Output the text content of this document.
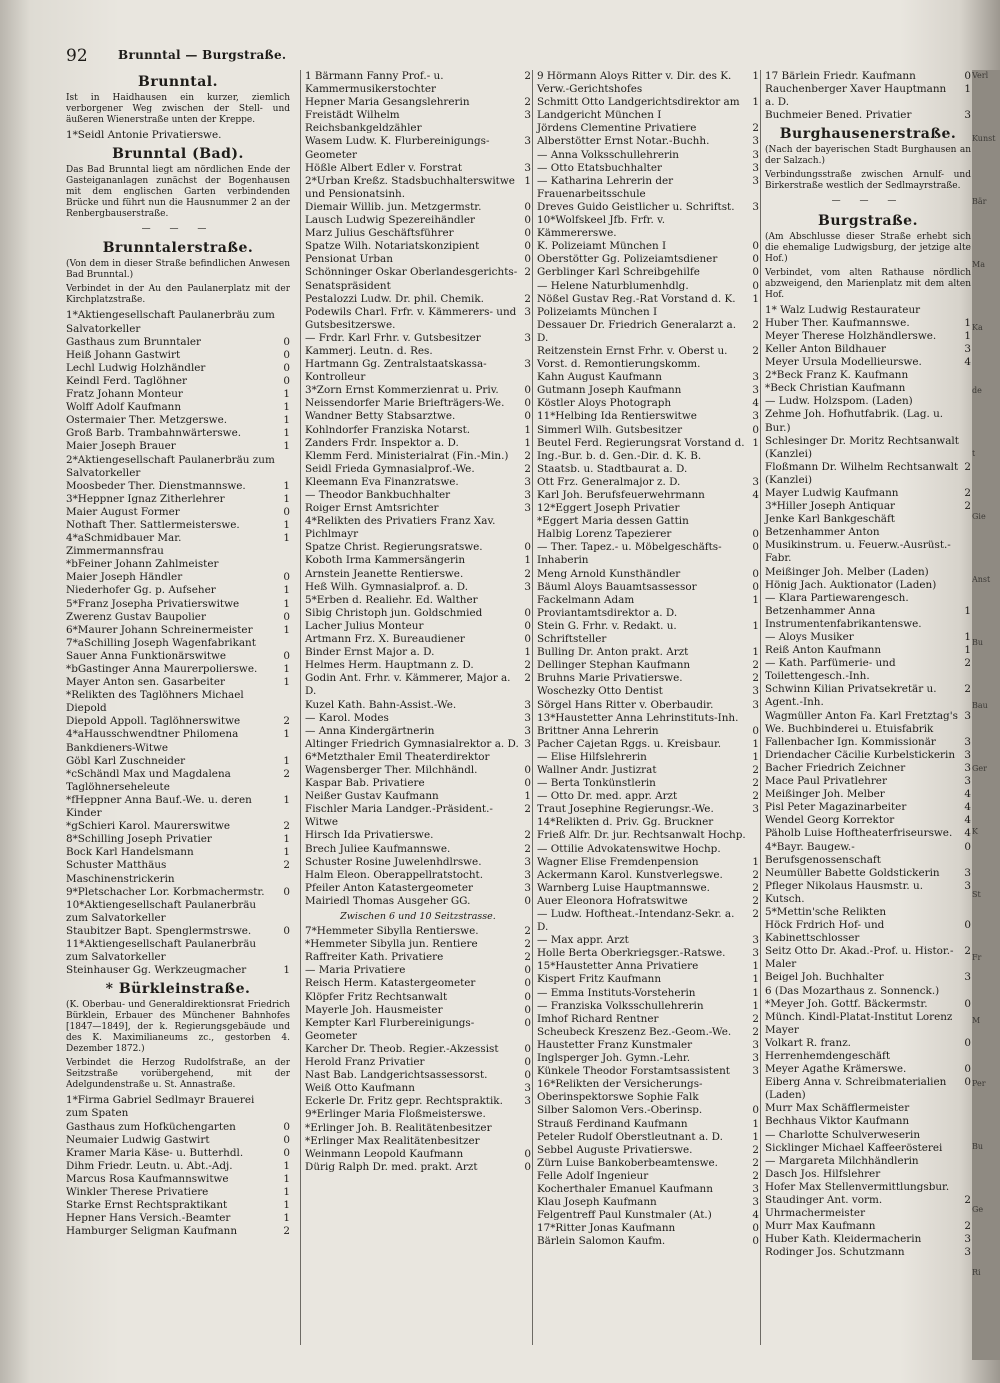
92	Brunntal — Burgstraße.
Brunntal.
Ist in Haidhausen ein kurzer, ziemlich verborgener Weg zwischen der Stell- und äußeren Wienerstraße unten der Kreppe.
1*Seidl Antonie Privatierswe.
Brunntal (Bad).
Das Bad Brunntal liegt am nördlichen Ende der Gasteigananlagen zunächst der Bogenhausen mit dem englischen Garten verbindenden Brücke und führt nun die Hausnummer 2 an der Renbergbauserstraße.
— — —
Brunntalerstraße.
(Von dem in dieser Straße befindlichen Anwesen Bad Brunntal.)
Verbindet in der Au den Paulanerplatz mit der Kirchplatzstraße.
1*Aktiengesellschaft Paulanerbräu zum Salvatorkeller
Gasthaus zum Brunntaler	0
Heiß Johann Gastwirt	0
Lechl Ludwig Holzhändler	0
Keindl Ferd. Taglöhner	0
Fratz Johann Monteur	1
Wolff Adolf Kaufmann	1
Ostermaier Ther. Metzgerswe.	1
Groß Barb. Trambahnwärterswe.	1
Maier Joseph Brauer	1
2*Aktiengesellschaft Paulanerbräu zum Salvatorkeller
Moosbeder Ther. Dienstmannswe.	1
3*Heppner Ignaz Zitherlehrer	1
Maier August Former	0
Nothaft Ther. Sattlermeisterswe.	1
4*aSchmidbauer Mar. Zimmermannsfrau
1
*bFeiner Johann Zahlmeister
Maier Joseph Händler	0
Niederhofer Gg. p. Aufseher	1
5*Franz Josepha Privatierswitwe	1
Zwerenz Gustav Baupolier	0
6*Maurer Johann Schreinermeister	1
7*aSchilling Joseph Wagenfabrikant
Sauer Anna Funktionärswitwe	0
*bGastinger Anna Maurerpolierswe.	1
Mayer Anton sen. Gasarbeiter	1
*Relikten des Taglöhners Michael Diepold
Diepold Appoll. Taglöhnerswitwe	2
4*aHausschwendtner Philomena Bankdieners-Witwe
1
Göbl Karl Zuschneider	1
*cSchändl Max und Magdalena Taglöhnerseheleute
2
*fHeppner Anna Bauf.-We. u. deren Kinder
1
*gSchieri Karol. Maurerswitwe	2
8*Schilling Joseph Privatier	1
Bock Karl Handelsmann	1
Schuster Matthäus Maschinenstrickerin
2
9*Pletschacher Lor. Korbmachermstr. 0
10*Aktiengesellschaft Paulanerbräu zum Salvatorkeller
Staubitzer Bapt. Spenglermstrswe.	0
11*Aktiengesellschaft Paulanerbräu zum Salvatorkeller
Steinhauser Gg. Werkzeugmacher	1
* Bürkleinstraße.
(K. Oberbau- und Generaldirektionsrat Friedrich Bürklein, Erbauer des Münchener Bahnhofes [1847—1849], der k. Regierungsgebäude und des K. Maximilianeums zc., gestorben 4. Dezember 1872.)
Verbindet die Herzog Rudolfstraße, an der Seitzstraße vorübergehend, mit der Adelgundenstraße u. St. Annastraße.
1*Firma Gabriel Sedlmayr Brauerei zum Spaten
Gasthaus zum Hofküchengarten	0
Neumaier Ludwig Gastwirt	0
Kramer Maria Käse- u. Butterhdl.	0
Dihm Friedr. Leutn. u. Abt.-Adj.	1
Marcus Rosa Kaufmannswitwe	1
Winkler Therese Privatiere	1
Starke Ernst Rechtspraktikant	1
Hepner Hans Versich.-Beamter	1
Hamburger Seligman Kaufmann	2
1 Bärmann Fanny Prof.- u. Kammermusikerstochter
2
Hepner Maria Gesangslehrerin	2
Freistädt Wilhelm Reichsbankgeldzähler
3
Wasem Ludw. K. Flurbereinigungs-Geometer
3
Hößle Albert Edler v. Forstrat	3
2*Urban Kreßz. Stadsbuchhalterswitwe und Pensionatsinh.
1
Diemair Willib. jun. Metzgermstr.	0
Lausch Ludwig Spezereihändler	0
Marz Julius Geschäftsführer	0
Spatze Wilh. Notariatskonzipient	0
Pensionat Urban	0
Schönninger Oskar Oberlandesgerichts-Senatspräsident
2
Pestalozzi Ludw. Dr. phil. Chemik.	2
Podewils Charl. Frfr. v. Kämmerers- und Gutsbesitzerswe.
3
— Frdr. Karl Frhr. v. Gutsbesitzer Kammerj. Leutn. d. Res.
3
Hartmann Gg. Zentralstaatskassa-Kontrolleur
3
3*Zorn Ernst Kommerzienrat u. Priv. 0
Neissendorfer Marie Briefträgers-We. 0
Wandner Betty Stabsarztwe.	0
Kohlndorfer Franziska Notarst.	1
Zanders Frdr. Inspektor a. D.	1
Klemm Ferd. Ministerialrat (Fin.-Min.) 2
Seidl Frieda Gymnasialprof.-We.	2
Kleemann Eva Finanzratswe.	3
— Theodor Bankbuchhalter	3
Roiger Ernst Amtsrichter	3
4*Relikten des Privatiers Franz Xav. Pichlmayr
Spatze Christ. Regierungsratswe.	0
Koboth Irma Kammersängerin	1
Arnstein Jeanette Rentierswe.	2
Heß Wilh. Gymnasialprof. a. D.	3
5*Erben d. Realiehr. Ed. Walther
Sibig Christoph jun. Goldschmied	0
Lacher Julius Monteur	0
Artmann Frz. X. Bureaudiener	0
Binder Ernst Major a. D.	1
Helmes Herm. Hauptmann z. D.	2
Godin Ant. Frhr. v. Kämmerer, Major a. D.
2
Kuzel Kath. Bahn-Assist.-We.	3
— Karol. Modes	3
— Anna Kindergärtnerin	3
Altinger Friedrich Gymnasialrektor a. D. 3
6*Metzthaler Emil Theaterdirektor
Wagensberger Ther. Milchhändl.	0
Kaspar Bab. Privatiere	0
Neißer Gustav Kaufmann	1
Fischler Maria Landger.-Präsident.-Witwe
2
Hirsch Ida Privatierswe.	2
Brech Juliee Kaufmannswe.	2
Schuster Rosine Juwelenhdlrswe.	3
Halm Eleon. Oberappellratstocht.	3
Pfeiler Anton Katastergeometer	3
Mairiedl Thomas Ausgeher GG.	0
Zwischen 6 und 10 Seitzstrasse.
7*Hemmeter Sibylla Rentierswe.	2
*Hemmeter Sibylla jun. Rentiere	2
Raffreiter Kath. Privatiere	2
— Maria Privatiere	0
Reisch Herm. Katastergeometer	0
Klöpfer Fritz Rechtsanwalt	0
Mayerle Joh. Hausmeister	0
Kempter Karl Flurbereinigungs-Geometer
0
Karcher Dr. Theob. Regier.-Akzessist 0
Herold Franz Privatier	0
Nast Bab. Landgerichtsassessorst.	0
Weiß Otto Kaufmann	3
Eckerle Dr. Fritz gepr. Rechtspraktik. 3
9*Erlinger Maria Floßmeisterswe.
*Erlinger Joh. B. Realitätenbesitzer
*Erlinger Max Realitätenbesitzer
Weinmann Leopold Kaufmann	0
Dürig Ralph Dr. med. prakt. Arzt	0
9 Hörmann Aloys Ritter v. Dir. des K. Verw.-Gerichtshofes
1
Schmitt Otto Landgerichtsdirektor am Landgericht München I
1
Jördens Clementine Privatiere	2
Alberstötter Ernst Notar.-Buchh.	3
— Anna Volksschullehrerin	3
— Otto Etatsbuchhalter	3
— Katharina Lehrerin der Frauenarbeitsschule
3
Dreves Guido Geistlicher u. Schriftst. 3
10*Wolfskeel Jfb. Frfr. v. Kämmererswe.
K. Polizeiamt München I	0
Oberstötter Gg. Polizeiamtsdiener	0
Gerblinger Karl Schreibgehilfe	0
— Helene Naturblumenhdlg.	0
Nößel Gustav Reg.-Rat Vorstand d. K. Polizeiamts München I
1
Dessauer Dr. Friedrich Generalarzt a. D.
2
Reitzenstein Ernst Frhr. v. Oberst u. Vorst. d. Remontierungskomm.
2
Kahn August Kaufmann	3
Gutmann Joseph Kaufmann	3
Köstler Aloys Photograph	4
11*Helbing Ida Rentierswitwe	3
Simmerl Wilh. Gutsbesitzer	0
Beutel Ferd. Regierungsrat Vorstand d. Ing.-Bur. b. d. Gen.-Dir. d. K. B. Staatsb. u. Stadtbaurat a. D.
1
Ott Frz. Generalmajor z. D.	3
Karl Joh. Berufsfeuerwehrmann	4
12*Eggert Joseph Privatier
*Eggert Maria dessen Gattin
Halbig Lorenz Tapezierer	0
— Ther. Tapez.- u. Möbelgeschäfts-Inhaberin
0
Meng Arnold Kunsthändler	0
Bäuml Aloys Bauamtsassessor	0
Fackelmann Adam Proviantamtsdirektor a. D.
1
Stein G. Frhr. v. Redakt. u. Schriftsteller
1
Bulling Dr. Anton prakt. Arzt	1
Dellinger Stephan Kaufmann	2
Bruhns Marie Privatierswe.	2
Woschezky Otto Dentist	3
Sörgel Hans Ritter v. Oberbaudir.	3
13*Haustetter Anna Lehrinstituts-Inh.
Brittner Anna Lehrerin	0
Pacher Cajetan Rggs. u. Kreisbaur.	1
— Elise Hilfslehrerin	1
Wallner Andr. Justizrat	2
— Berta Tonkünstlerin	2
— Otto Dr. med. appr. Arzt	2
Traut Josephine Regierungsr.-We.	3
14*Relikten d. Priv. Gg. Bruckner
Frieß Alfr. Dr. jur. Rechtsanwalt Hochp.
— Ottilie Advokatenswitwe Hochp.
Wagner Elise Fremdenpension	1
Ackermann Karol. Kunstverlegswe.	2
Warnberg Luise Hauptmannswe.	2
Auer Eleonora Hofratswitwe	2
— Ludw. Hoftheat.-Intendanz-Sekr. a. D.
2
— Max appr. Arzt	3
Holle Berta Oberkriegsger.-Ratswe.	3
15*Haustetter Anna Privatiere	1
Kispert Fritz Kaufmann	1
— Emma Instituts-Vorsteherin	1
— Franziska Volksschullehrerin	1
Imhof Richard Rentner	2
Scheubeck Kreszenz Bez.-Geom.-We. 2
Haustetter Franz Kunstmaler	3
Inglsperger Joh. Gymn.-Lehr.	3
Künkele Theodor Forstamtsassistent 3
16*Relikten der Versicherungs-Oberinspektorswe Sophie Falk
Silber Salomon Vers.-Oberinsp.	0
Strauß Ferdinand Kaufmann	1
Peteler Rudolf Oberstleutnant a. D.	1
Sebbel Auguste Privatierswe.	2
Zürn Luise Bankoberbeamtenswe.	2
Felle Adolf Ingenieur	2
Kocherthaler Emanuel Kaufmann	3
Klau Joseph Kaufmann	3
Felgentreff Paul Kunstmaler (At.)	4
17*Ritter Jonas Kaufmann	0
Bärlein Salomon Kaufm.	0
17 Bärlein Friedr. Kaufmann	0
Rauchenberger Xaver Hauptmann a. D.
1
Buchmeier Bened. Privatier	3
Burghausenerstraße.
(Nach der bayerischen Stadt Burghausen an der Salzach.)
Verbindungsstraße zwischen Arnulf- und Birkerstraße westlich der Sedlmayrstraße.
— — —
Burgstraße.
(Am Abschlusse dieser Straße erhebt sich die ehemalige Ludwigsburg, der jetzige alte Hof.)
Verbindet, vom alten Rathause nördlich abzweigend, den Marienplatz mit dem alten Hof.
1* Walz Ludwig Restaurateur
Huber Ther. Kaufmannswe.	1
Meyer Therese Holzhändlerswe.	1
Keller Anton Bildhauer	3
Meyer Ursula Modellieurswe.	4
2*Beck Franz K. Kaufmann
*Beck Christian Kaufmann
— Ludw. Holzspom. (Laden)
Zehme Joh. Hofhutfabrik. (Lag. u. Bur.)
Schlesinger Dr. Moritz Rechtsanwalt (Kanzlei)
Floßmann Dr. Wilhelm Rechtsanwalt (Kanzlei)
2
Mayer Ludwig Kaufmann	2
3*Hiller Joseph Antiquar	2
Jenke Karl Bankgeschäft
Betzenhammer Anton Musikinstrum. u. Feuerw.-Ausrüst.-Fabr.
Meißinger Joh. Melber (Laden)
Hönig Jach. Auktionator (Laden)
— Klara Partiewarengesch.
Betzenhammer Anna Instrumentenfabrikantenswe.
1
— Aloys Musiker	1
Reiß Anton Kaufmann	1
— Kath. Parfümerie- und Toilettengesch.-Inh.
2
Schwinn Kilian Privatsekretär u. Agent.-Inh.
2
Wagmüller Anton Fa. Karl Fretztag's We. Buchbinderei u. Etuisfabrik
3
Fallenbacher Ign. Kommissionär	3
Driendacher Cäcilie Kurbelstickerin 3
Bacher Friedrich Zeichner	3
Mace Paul Privatlehrer	3
Meißinger Joh. Melber	4
Pisl Peter Magazinarbeiter	4
Wendel Georg Korrektor	4
Päholb Luise Hoftheaterfriseurswe. 4
4*Bayr. Baugew.-Berufsgenossenschaft
0
Neumüller Babette Goldstickerin 3
Pfleger Nikolaus Hausmstr. u. Kutsch.
3
5*Mettin'sche Relikten
Höck Frdrich Hof- und Kabinettschlosser
0
Seitz Otto Dr. Akad.-Prof. u. Histor.-Maler
2
Beigel Joh. Buchhalter	3
6 (Das Mozarthaus z. Sonnenck.)
*Meyer Joh. Gottf. Bäckermstr.	0
Münch. Kindl-Platat-Institut Lorenz Mayer
Volkart R. franz. Herrenhemdengeschäft
0
Meyer Agathe Krämerswe.	0
Eiberg Anna v. Schreibmaterialien (Laden)
0
Murr Max Schäfflermeister
Bechhaus Viktor Kaufmann
— Charlotte Schulverweserin
Sicklinger Michael Kaffeerösterei
— Margareta Milchhändlerin
Dasch Jos. Hilfslehrer
Hofer Max Stellenvermittlungsbur.
Staudinger Ant. vorm. Uhrmachermeister
2
Murr Max Kaufmann	2
Huber Kath. Kleidermacherin	3
Rodinger Jos. Schutzmann	3
Verl
Kunst
Bär
Ma
Ka
de
t
Gie
Anst
Bu
Bau
Ger
K
St
Fr
M
Per
Bu
Ge
Ri
